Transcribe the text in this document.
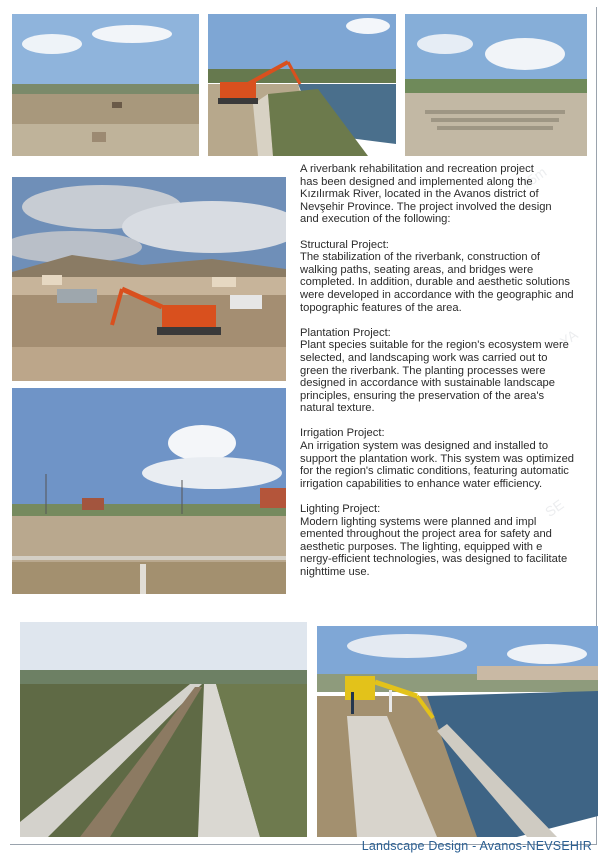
75m
YA
SE

A riverbank rehabilitation and recreation project
has been designed and implemented along the
Kızılırmak River, located in the Avanos district of
Nevşehir Province. The project involved the design
and execution of the following:

Structural Project:
The stabilization of the riverbank, construction of
walking paths, seating areas, and bridges were
completed. In addition, durable and aesthetic solutions
were developed in accordance with the geographic and
topographic features of the area.
Plantation Project:
Plant species suitable for the region's ecosystem were
selected, and landscaping work was carried out to
green the riverbank. The planting processes were
designed in accordance with sustainable landscape
principles, ensuring the preservation of the area's
natural texture.
Irrigation Project:
An irrigation system was designed and installed to
support the plantation work. This system was optimized
for the region's climatic conditions, featuring automatic
irrigation capabilities to enhance water efficiency.
Lighting Project:
Modern lighting systems were planned and impl
emented throughout the project area for safety and
aesthetic purposes. The lighting, equipped with e
nergy-efficient technologies, was designed to facilitate
nighttime use.
Landscape Design - Avanos-NEVSEHIR
